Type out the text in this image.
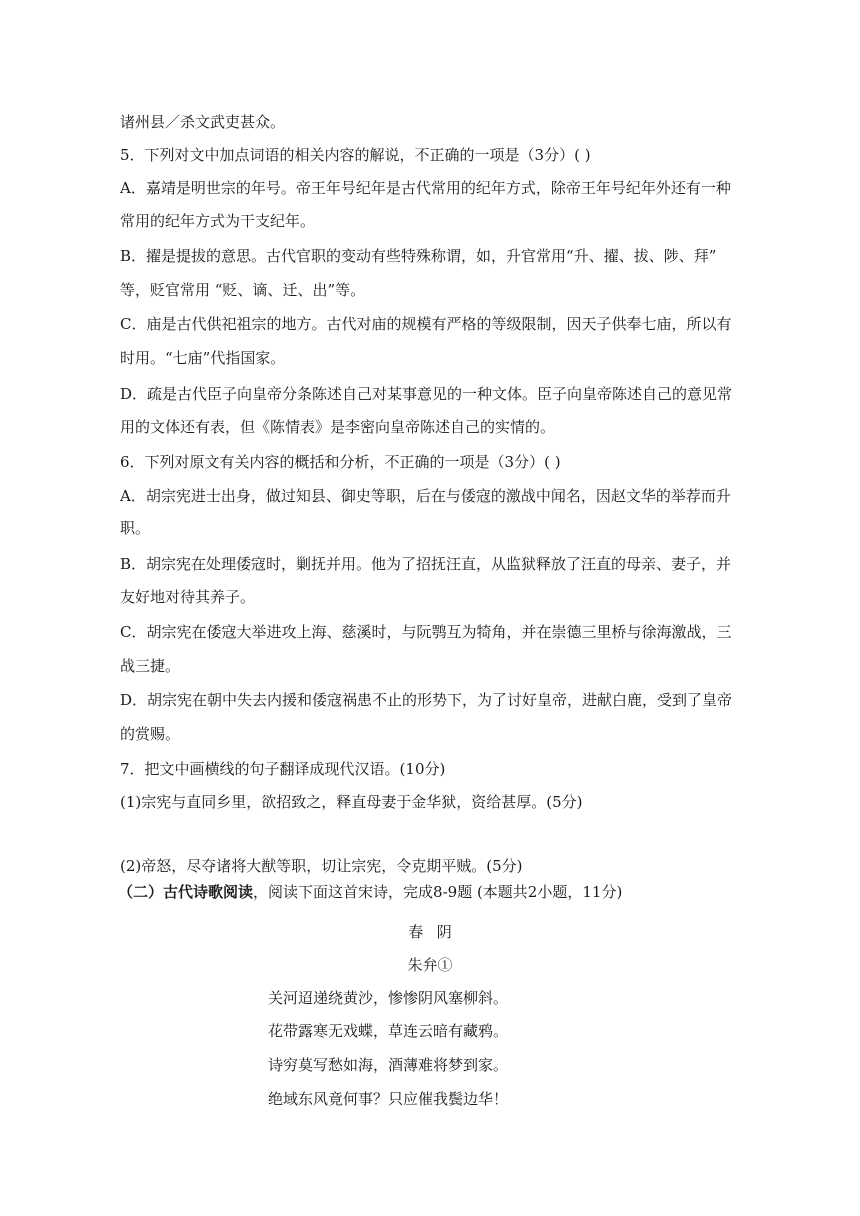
诸州县／杀文武吏甚众。
5．下列对文中加点词语的相关内容的解说，不正确的一项是（3分）( )
A．嘉靖是明世宗的年号。帝王年号纪年是古代常用的纪年方式，除帝王年号纪年外还有一种
常用的纪年方式为干支纪年。
B．擢是提拔的意思。古代官职的变动有些特殊称谓，如，升官常用“升、擢、拔、陟、拜”
等，贬官常用 “贬、谪、迁、出”等。
C．庙是古代供祀祖宗的地方。古代对庙的规模有严格的等级限制，因天子供奉七庙，所以有
时用。“七庙”代指国家。
D．疏是古代臣子向皇帝分条陈述自己对某事意见的一种文体。臣子向皇帝陈述自己的意见常
用的文体还有表，但《陈情表》是李密向皇帝陈述自己的实情的。
6．下列对原文有关内容的概括和分析，不正确的一项是（3分）( )
A．胡宗宪进士出身，做过知县、御史等职，后在与倭寇的激战中闻名，因赵文华的举荐而升
职。
B．胡宗宪在处理倭寇时，剿抚并用。他为了招抚汪直，从监狱释放了汪直的母亲、妻子，并
友好地对待其养子。
C．胡宗宪在倭寇大举进攻上海、慈溪时，与阮鹗互为犄角，并在崇德三里桥与徐海激战，三
战三捷。
D．胡宗宪在朝中失去内援和倭寇祸患不止的形势下，为了讨好皇帝，进献白鹿，受到了皇帝
的赏赐。
7．把文中画横线的句子翻译成现代汉语。(10分)
(1)宗宪与直同乡里，欲招致之，释直母妻于金华狱，资给甚厚。(5分)
(2)帝怒，尽夺诸将大猷等职，切让宗宪，令克期平贼。(5分)
（二）古代诗歌阅读，阅读下面这首宋诗，完成8-9题 (本题共2小题，11分)
春阴
朱弁①
关河迢递绕黄沙，惨惨阴风塞柳斜。
花带露寒无戏蝶，草连云暗有藏鸦。
诗穷莫写愁如海，酒薄难将梦到家。
绝域东风竟何事？只应催我鬓边华！
